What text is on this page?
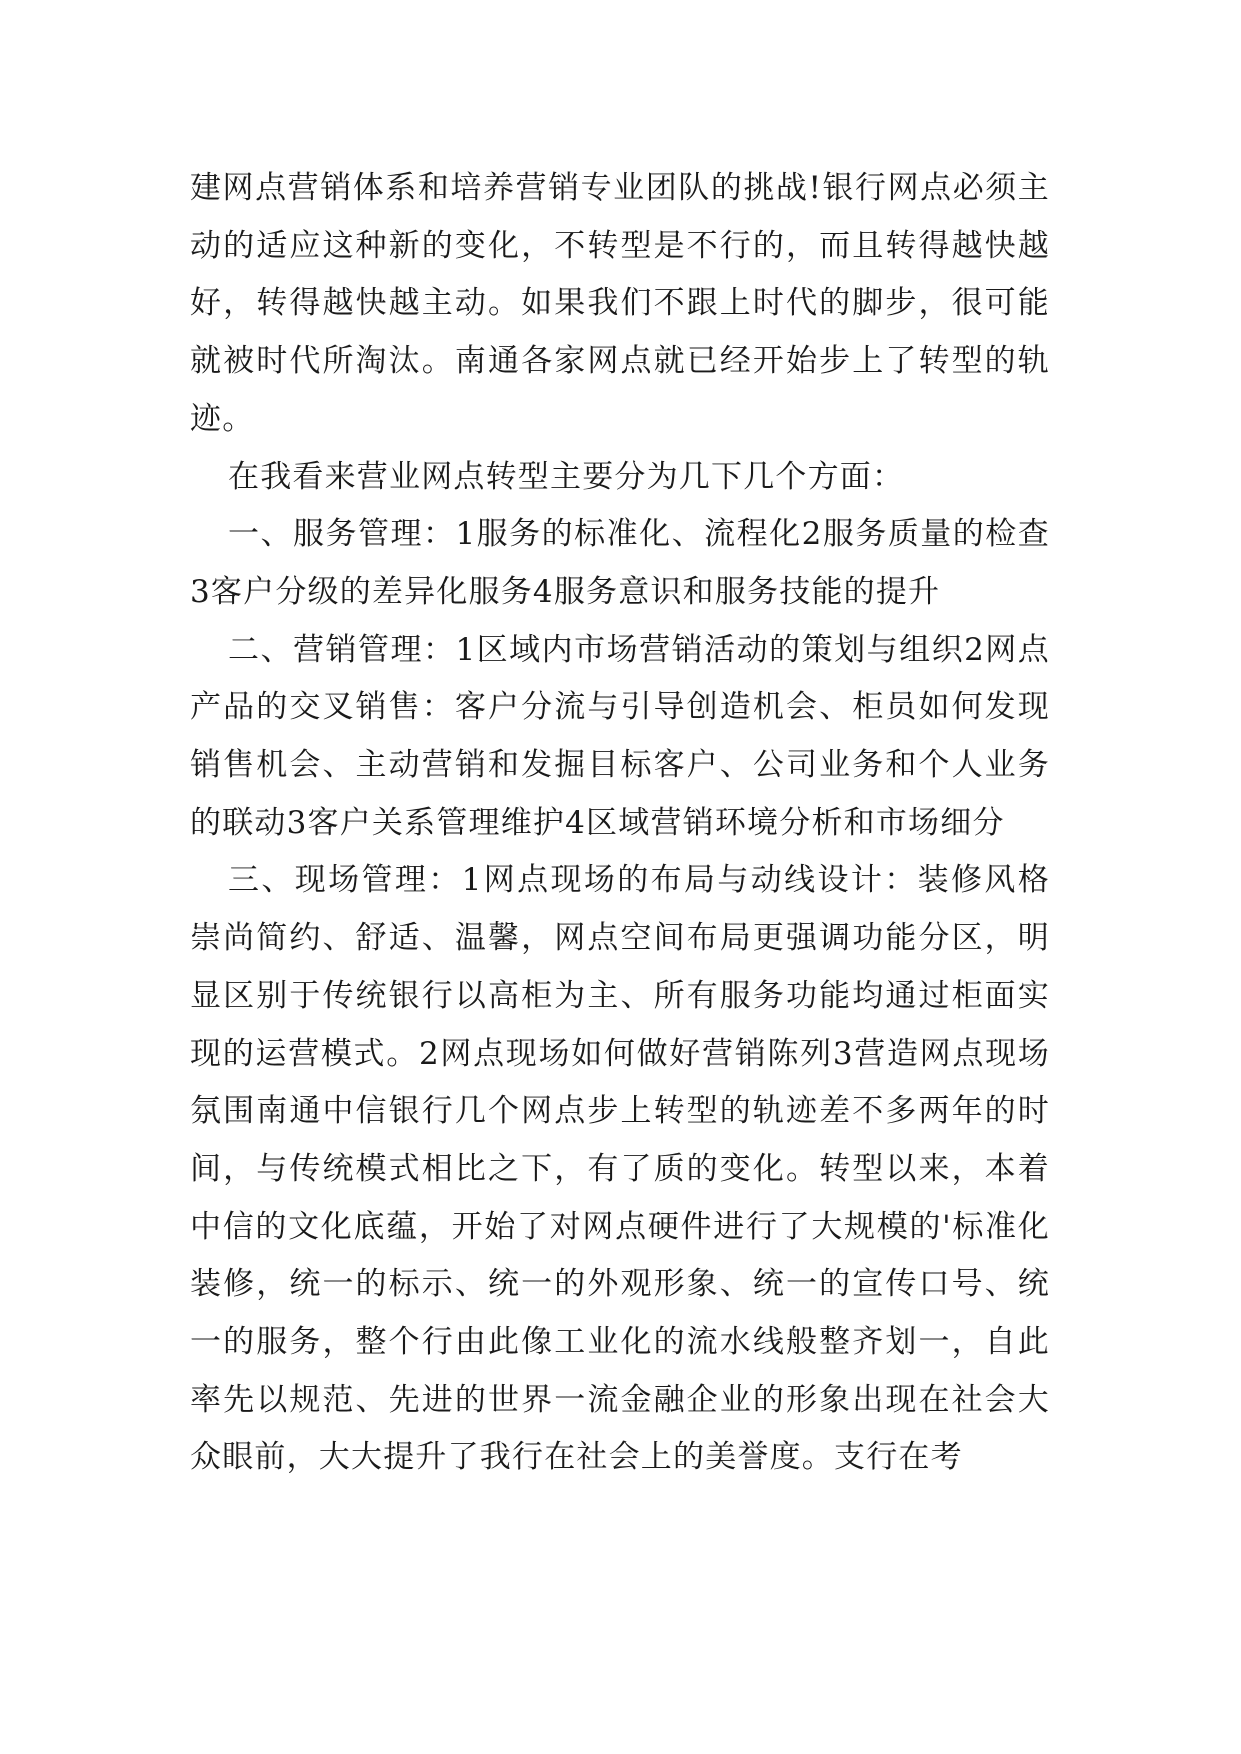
建网点营销体系和培养营销专业团队的挑战!银行网点必须主动的适应这种新的变化，不转型是不行的，而且转得越快越好，转得越快越主动。如果我们不跟上时代的脚步，很可能就被时代所淘汰。南通各家网点就已经开始步上了转型的轨迹。

在我看来营业网点转型主要分为几下几个方面：

一、服务管理：1服务的标准化、流程化2服务质量的检查3客户分级的差异化服务4服务意识和服务技能的提升

二、营销管理：1区域内市场营销活动的策划与组织2网点产品的交叉销售：客户分流与引导创造机会、柜员如何发现销售机会、主动营销和发掘目标客户、公司业务和个人业务的联动3客户关系管理维护4区域营销环境分析和市场细分

三、现场管理：1网点现场的布局与动线设计：装修风格崇尚简约、舒适、温馨，网点空间布局更强调功能分区，明显区别于传统银行以高柜为主、所有服务功能均通过柜面实现的运营模式。2网点现场如何做好营销陈列3营造网点现场氛围南通中信银行几个网点步上转型的轨迹差不多两年的时间，与传统模式相比之下，有了质的变化。转型以来，本着中信的文化底蕴，开始了对网点硬件进行了大规模的'标准化装修，统一的标示、统一的外观形象、统一的宣传口号、统一的服务，整个行由此像工业化的流水线般整齐划一，自此率先以规范、先进的世界一流金融企业的形象出现在社会大众眼前，大大提升了我行在社会上的美誉度。支行在考
